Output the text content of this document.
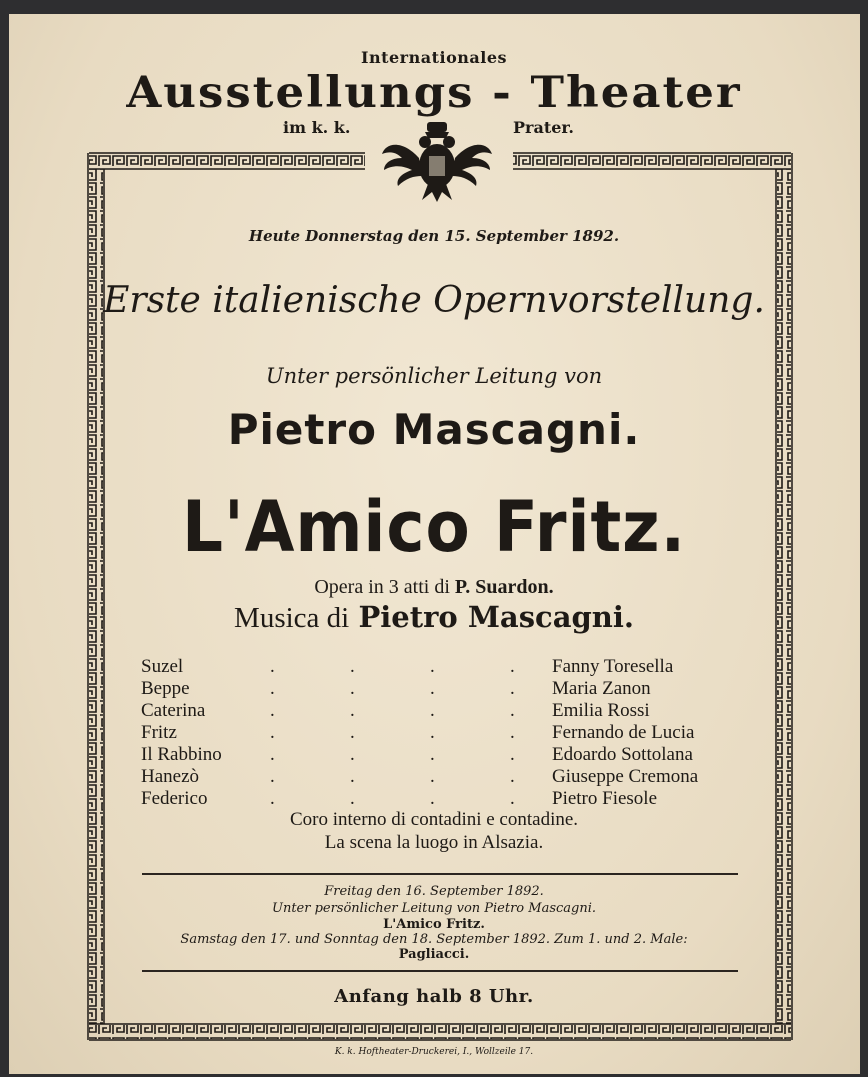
Internationales
Ausstellungs - Theater
im k. k.	Prater.
Heute Donnerstag den 15. September 1892.
Erste italienische Opernvorstellung.
Unter persönlicher Leitung von
Pietro Mascagni.
L'Amico Fritz.
Opera in 3 atti di P. Suardon.
Musica di Pietro Mascagni.
Suzel	.	.	.	.	Fanny Toresella
Beppe	.	.	.	.	Maria Zanon
Caterina	.	.	.	.	Emilia Rossi
Fritz	.	.	.	.	Fernando de Lucia
Il Rabbino	.	.	.	.	Edoardo Sottolana
Hanezò	.	.	.	.	Giuseppe Cremona
Federico	.	.	.	.	Pietro Fiesole
Coro interno di contadini e contadine.
La scena la luogo in Alsazia.
Freitag den 16. September 1892.
Unter persönlicher Leitung von Pietro Mascagni.
L'Amico Fritz.
Samstag den 17. und Sonntag den 18. September 1892. Zum 1. und 2. Male:
Pagliacci.
Anfang halb 8 Uhr.
K. k. Hoftheater-Druckerei, I., Wollzeile 17.
